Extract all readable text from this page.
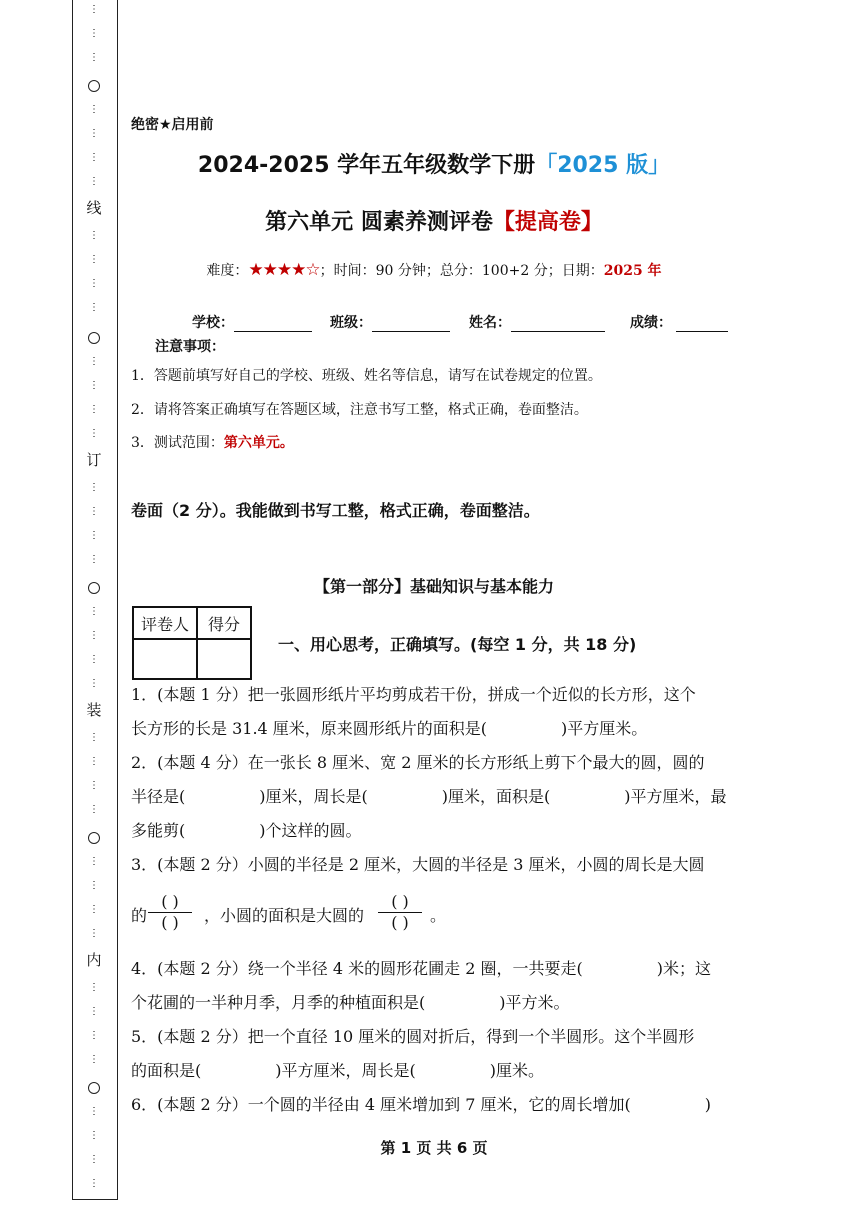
⋮
⋮
⋮
⋮
⋮
⋮
⋮
线
⋮
⋮
⋮
⋮
⋮
⋮
⋮
⋮
订
⋮
⋮
⋮
⋮
⋮
⋮
⋮
⋮
装
⋮
⋮
⋮
⋮
⋮
⋮
⋮
⋮
内
⋮
⋮
⋮
⋮
⋮
⋮
⋮
⋮
绝密★启用前
2024-2025 学年五年级数学下册「2025 版」
第六单元 圆素养测评卷【提高卷】
难度：★★★★☆；时间：90 分钟；总分：100+2 分；日期：2025 年
学校：	班级：	姓名：	成绩：
注意事项：
1．答题前填写好自己的学校、班级、姓名等信息，请写在试卷规定的位置。
2．请将答案正确填写在答题区域，注意书写工整，格式正确，卷面整洁。
3．测试范围：第六单元。
卷面（2 分）。我能做到书写工整，格式正确，卷面整洁。
【第一部分】基础知识与基本能力
评卷人	得分

一、用心思考，正确填写。(每空 1 分，共 18 分)
1．(本题 1 分）把一张圆形纸片平均剪成若干份，拼成一个近似的长方形，这个
长方形的长是 31.4 厘米，原来圆形纸片的面积是(	)平方厘米。
2．(本题 4 分）在一张长 8 厘米、宽 2 厘米的长方形纸上剪下个最大的圆，圆的
半径是(	)厘米，周长是(	)厘米，面积是(	)平方厘米，最
多能剪(	)个这样的圆。
3．(本题 2 分）小圆的半径是 2 厘米，大圆的半径是 3 厘米，小圆的周长是大圆
的
( )
( ) ，小圆的面积是大圆的
( )
( ) 。
4．(本题 2 分）绕一个半径 4 米的圆形花圃走 2 圈，一共要走(	)米；这
个花圃的一半种月季，月季的种植面积是(	)平方米。
5．(本题 2 分）把一个直径 10 厘米的圆对折后，得到一个半圆形。这个半圆形
的面积是(	)平方厘米，周长是(	)厘米。
6．(本题 2 分）一个圆的半径由 4 厘米增加到 7 厘米，它的周长增加(	)
第 1 页 共 6 页
